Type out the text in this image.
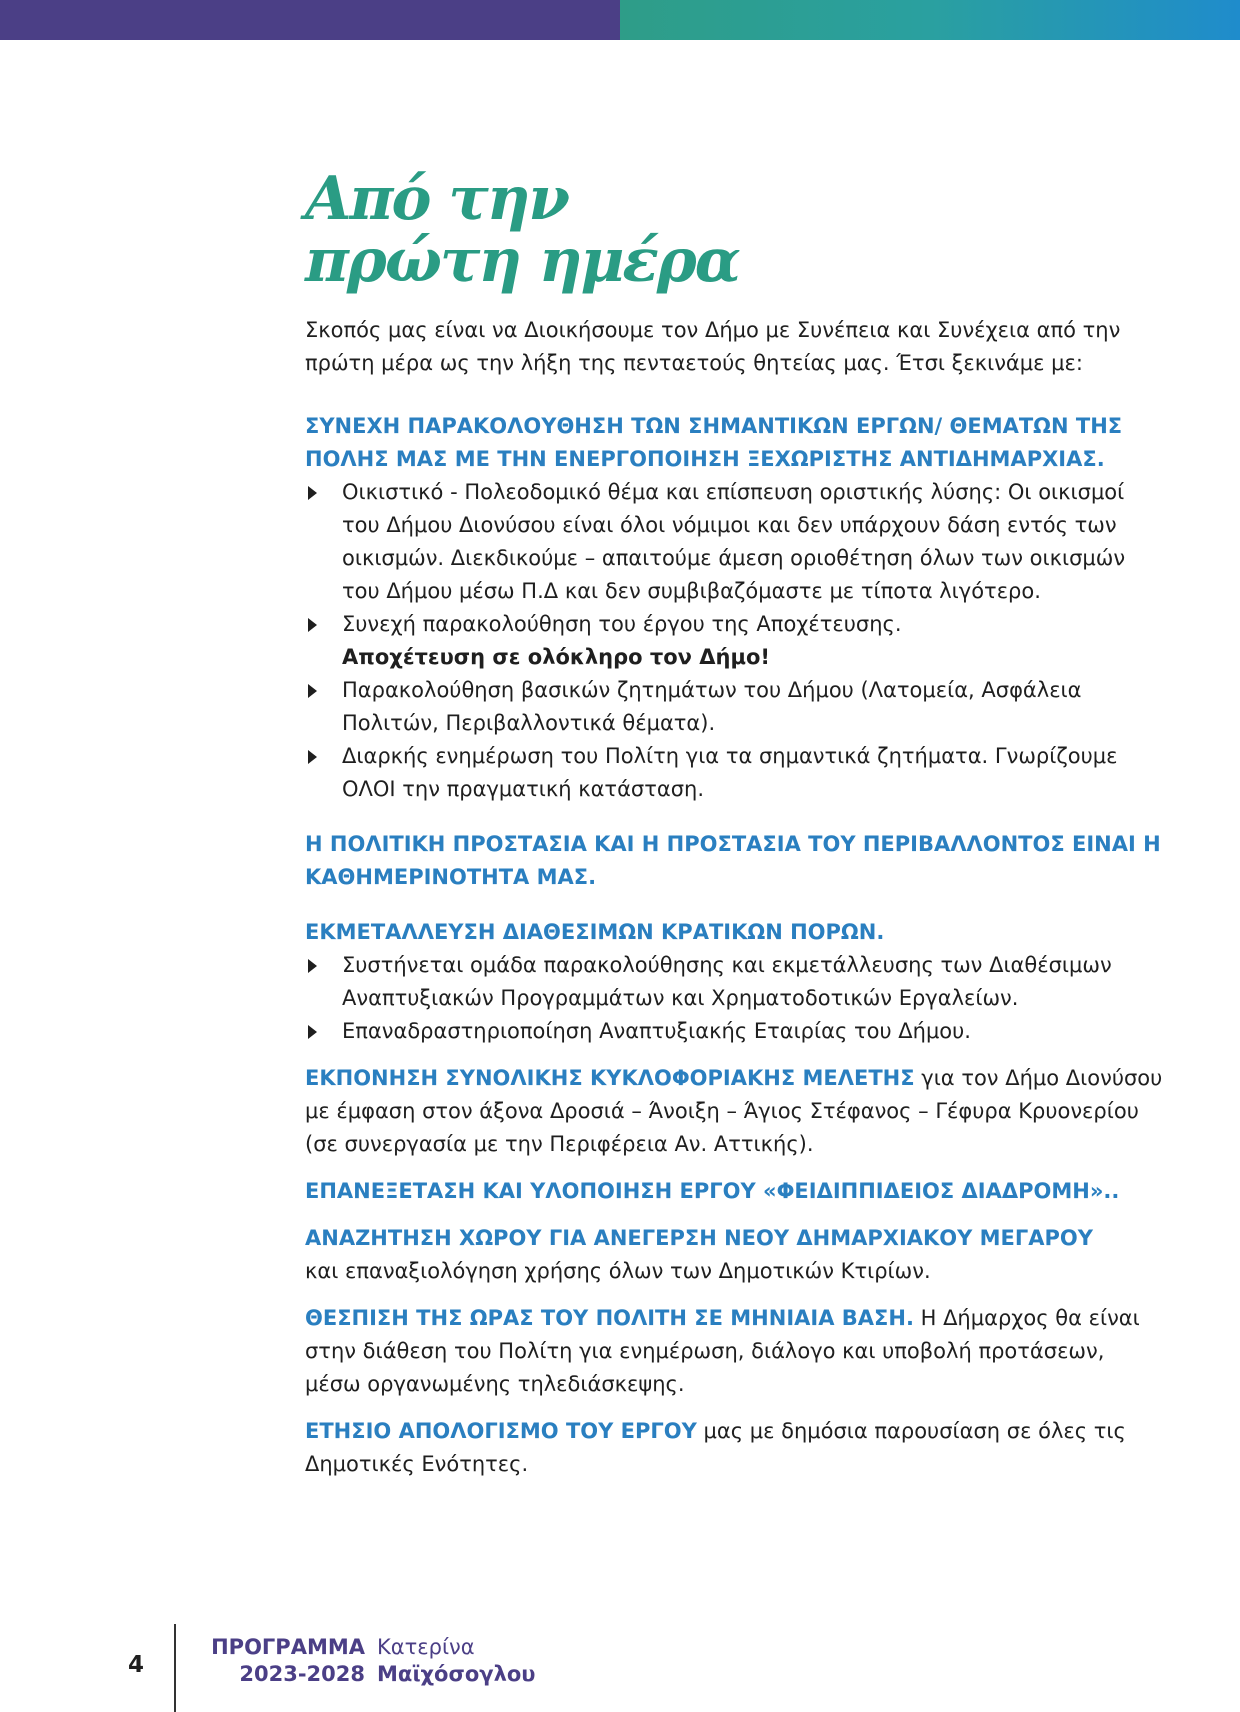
Από την
πρώτη ημέρα

Σκοπός μας είναι να Διοικήσουμε τον Δήμο με Συνέπεια και Συνέχεια από την πρώτη μέρα ως την λήξη της πενταετούς θητείας μας. Έτσι ξεκινάμε με:

ΣΥΝΕΧΗ ΠΑΡΑΚΟΛΟΥΘΗΣΗ ΤΩΝ ΣΗΜΑΝΤΙΚΩΝ ΕΡΓΩΝ/ ΘΕΜΑΤΩΝ ΤΗΣ ΠΟΛΗΣ ΜΑΣ ΜΕ ΤΗΝ ΕΝΕΡΓΟΠΟΙΗΣΗ ΞΕΧΩΡΙΣΤΗΣ ΑΝΤΙΔΗΜΑΡΧΙΑΣ.

Οικιστικό - Πολεοδομικό θέμα και επίσπευση οριστικής λύσης: Οι οικισμοί του Δήμου Διονύσου είναι όλοι νόμιμοι και δεν υπάρχουν δάση εντός των οικισμών. Διεκδικούμε – απαιτούμε άμεση οριοθέτηση όλων των οικισμών του Δήμου μέσω Π.Δ και δεν συμβιβαζόμαστε με τίποτα λιγότερο.
Συνεχή παρακολούθηση του έργου της Αποχέτευσης.
Αποχέτευση σε ολόκληρο τον Δήμο!
Παρακολούθηση βασικών ζητημάτων του Δήμου (Λατομεία, Ασφάλεια Πολιτών, Περιβαλλοντικά θέματα).
Διαρκής ενημέρωση του Πολίτη για τα σημαντικά ζητήματα. Γνωρίζουμε ΟΛΟΙ την πραγματική κατάσταση.

Η ΠΟΛΙΤΙΚΗ ΠΡΟΣΤΑΣΙΑ ΚΑΙ Η ΠΡΟΣΤΑΣΙΑ ΤΟΥ ΠΕΡΙΒΑΛΛΟΝΤΟΣ ΕΙΝΑΙ Η ΚΑΘΗΜΕΡΙΝΟΤΗΤΑ ΜΑΣ.

ΕΚΜΕΤΑΛΛΕΥΣΗ ΔΙΑΘΕΣΙΜΩΝ ΚΡΑΤΙΚΩΝ ΠΟΡΩΝ.

Συστήνεται ομάδα παρακολούθησης και εκμετάλλευσης των Διαθέσιμων Αναπτυξιακών Προγραμμάτων και Χρηματοδοτικών Εργαλείων.
Επαναδραστηριοποίηση Αναπτυξιακής Εταιρίας του Δήμου.

ΕΚΠΟΝΗΣΗ ΣΥΝΟΛΙΚΗΣ ΚΥΚΛΟΦΟΡΙΑΚΗΣ ΜΕΛΕΤΗΣ για τον Δήμο Διονύσου με έμφαση στον άξονα Δροσιά – Άνοιξη – Άγιος Στέφανος – Γέφυρα Κρυονερίου (σε συνεργασία με την Περιφέρεια Αν. Αττικής).

ΕΠΑΝΕΞΕΤΑΣΗ ΚΑΙ ΥΛΟΠΟΙΗΣΗ ΕΡΓΟΥ «ΦΕΙΔΙΠΠΙΔΕΙΟΣ ΔΙΑΔΡΟΜΗ»..

ΑΝΑΖΗΤΗΣΗ ΧΩΡΟΥ ΓΙΑ ΑΝΕΓΕΡΣΗ ΝΕΟΥ ΔΗΜΑΡΧΙΑΚΟΥ ΜΕΓΑΡΟΥ

και επαναξιολόγηση χρήσης όλων των Δημοτικών Κτιρίων.

ΘΕΣΠΙΣΗ ΤΗΣ ΩΡΑΣ ΤΟΥ ΠΟΛΙΤΗ ΣΕ ΜΗΝΙΑΙΑ ΒΑΣΗ. Η Δήμαρχος θα είναι στην διάθεση του Πολίτη για ενημέρωση, διάλογο και υποβολή προτάσεων, μέσω οργανωμένης τηλεδιάσκεψης.

ΕΤΗΣΙΟ ΑΠΟΛΟΓΙΣΜΟ ΤΟΥ ΕΡΓΟΥ μας με δημόσια παρουσίαση σε όλες τις Δημοτικές Ενότητες.

4
ΠΡΟΓΡΑΜΜΑ
2023-2028
Κατερίνα
Μαϊχόσογλου
